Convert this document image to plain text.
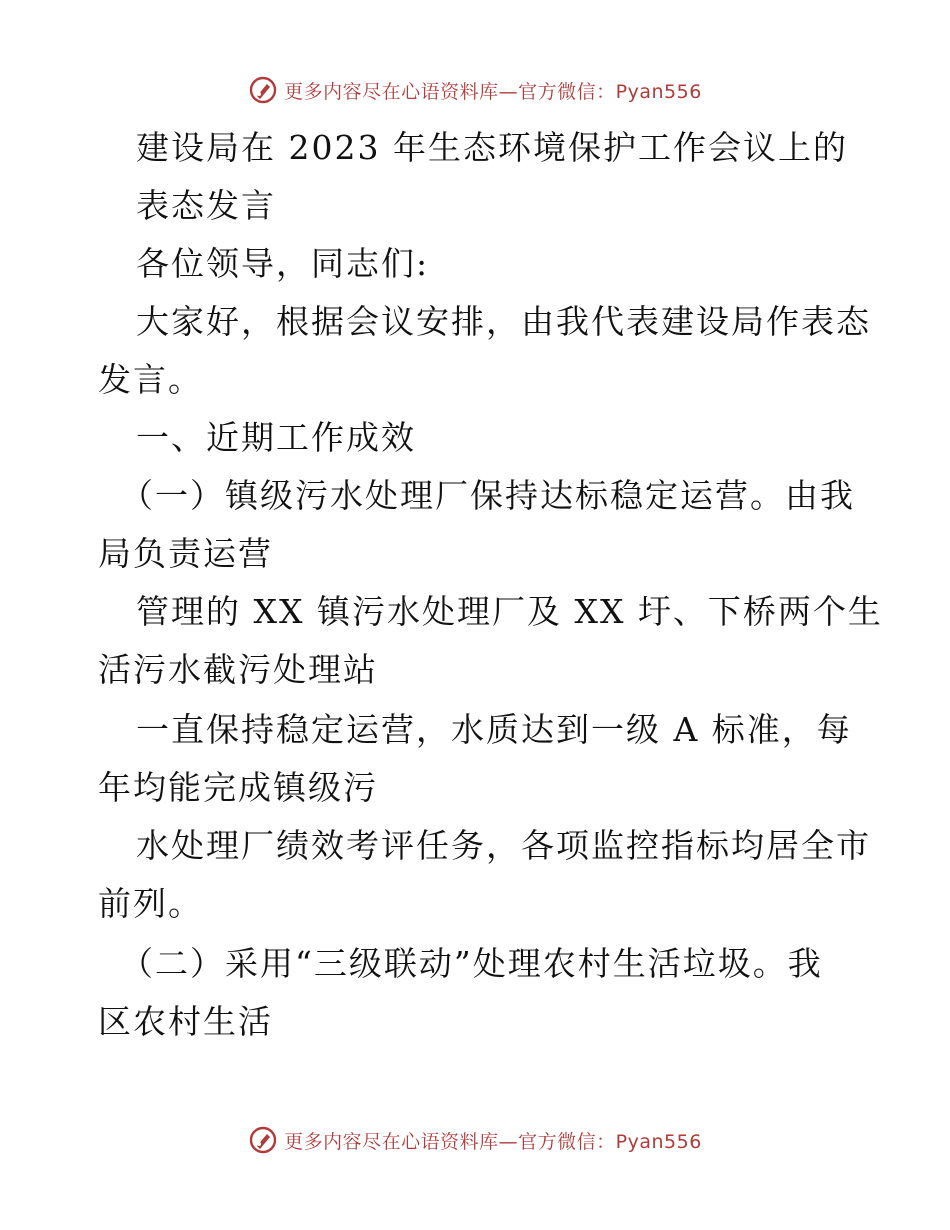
更多内容尽在心语资料库—官方微信：Pyan556
建设局在 2023 年生态环境保护工作会议上的
表态发言
各位领导，同志们:
大家好，根据会议安排，由我代表建设局作表态
发言。
一、近期工作成效
（一）镇级污水处理厂保持达标稳定运营。由我
局负责运营
管理的 XX 镇污水处理厂及 XX 圩、下桥两个生
活污水截污处理站
一直保持稳定运营，水质达到一级 A 标准，每
年均能完成镇级污
水处理厂绩效考评任务，各项监控指标均居全市
前列。
（二）采用“三级联动”处理农村生活垃圾。我
区农村生活
更多内容尽在心语资料库—官方微信：Pyan556
